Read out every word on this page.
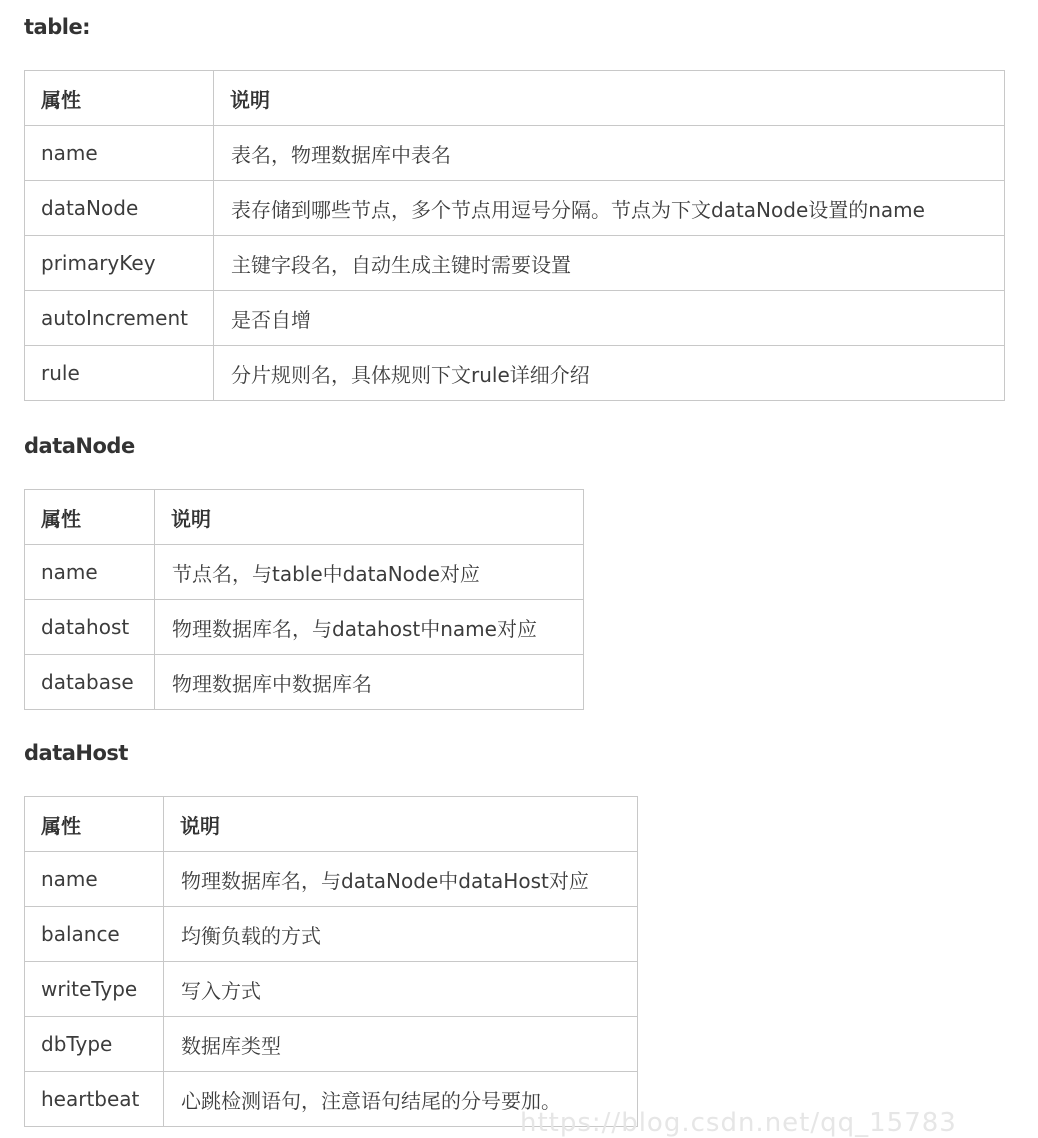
table:
属性	说明
name	表名，物理数据库中表名
dataNode	表存储到哪些节点，多个节点用逗号分隔。节点为下文dataNode设置的name
primaryKey	主键字段名，自动生成主键时需要设置
autoIncrement	是否自增
rule	分片规则名，具体规则下文rule详细介绍
dataNode
属性	说明
name	节点名，与table中dataNode对应
datahost	物理数据库名，与datahost中name对应
database	物理数据库中数据库名
dataHost
属性	说明
name	物理数据库名，与dataNode中dataHost对应
balance	均衡负载的方式
writeType	写入方式
dbType	数据库类型
heartbeat	心跳检测语句，注意语句结尾的分号要加。
https://blog.csdn.net/qq_15783
